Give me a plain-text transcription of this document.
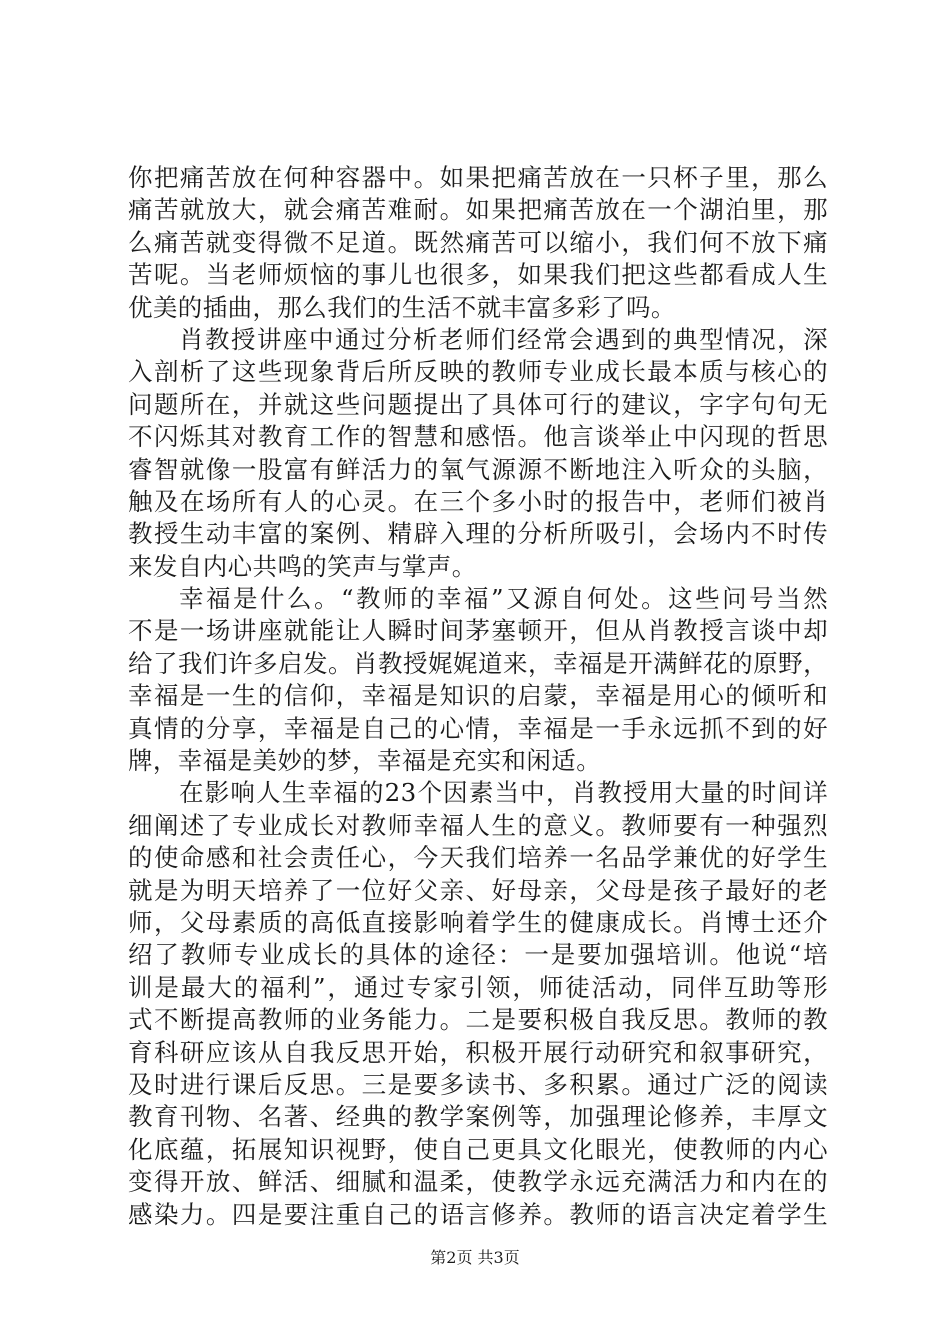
你把痛苦放在何种容器中。如果把痛苦放在一只杯子里，那么
痛苦就放大，就会痛苦难耐。如果把痛苦放在一个湖泊里，那
么痛苦就变得微不足道。既然痛苦可以缩小，我们何不放下痛
苦呢。当老师烦恼的事儿也很多，如果我们把这些都看成人生
优美的插曲，那么我们的生活不就丰富多彩了吗。
肖教授讲座中通过分析老师们经常会遇到的典型情况，深
入剖析了这些现象背后所反映的教师专业成长最本质与核心的
问题所在，并就这些问题提出了具体可行的建议，字字句句无
不闪烁其对教育工作的智慧和感悟。他言谈举止中闪现的哲思
睿智就像一股富有鲜活力的氧气源源不断地注入听众的头脑，
触及在场所有人的心灵。在三个多小时的报告中，老师们被肖
教授生动丰富的案例、精辟入理的分析所吸引，会场内不时传
来发自内心共鸣的笑声与掌声。
幸福是什么。“教师的幸福”又源自何处。这些问号当然
不是一场讲座就能让人瞬时间茅塞顿开，但从肖教授言谈中却
给了我们许多启发。肖教授娓娓道来，幸福是开满鲜花的原野，
幸福是一生的信仰，幸福是知识的启蒙，幸福是用心的倾听和
真情的分享，幸福是自己的心情，幸福是一手永远抓不到的好
牌，幸福是美妙的梦，幸福是充实和闲适。
在影响人生幸福的23个因素当中，肖教授用大量的时间详
细阐述了专业成长对教师幸福人生的意义。教师要有一种强烈
的使命感和社会责任心，今天我们培养一名品学兼优的好学生
就是为明天培养了一位好父亲、好母亲，父母是孩子最好的老
师，父母素质的高低直接影响着学生的健康成长。肖博士还介
绍了教师专业成长的具体的途径：一是要加强培训。他说“培
训是最大的福利”，通过专家引领，师徒活动，同伴互助等形
式不断提高教师的业务能力。二是要积极自我反思。教师的教
育科研应该从自我反思开始，积极开展行动研究和叙事研究，
及时进行课后反思。三是要多读书、多积累。通过广泛的阅读
教育刊物、名著、经典的教学案例等，加强理论修养，丰厚文
化底蕴，拓展知识视野，使自己更具文化眼光，使教师的内心
变得开放、鲜活、细腻和温柔，使教学永远充满活力和内在的
感染力。四是要注重自己的语言修养。教师的语言决定着学生
第2页 共3页
